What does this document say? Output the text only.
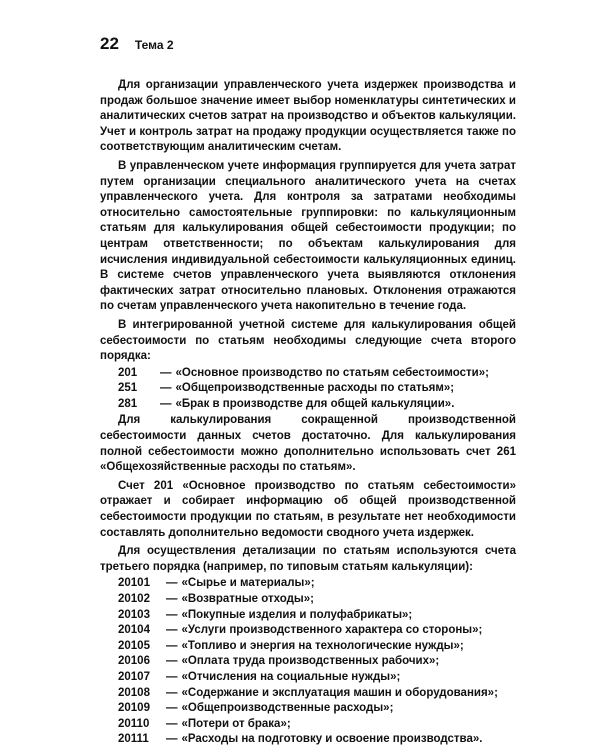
22 Тема 2

Для организации управленческого учета издержек производства и продаж большое значение имеет выбор номенклатуры синтетических и аналитических счетов затрат на производство и объектов калькуляции. Учет и контроль затрат на продажу продукции осуществляется также по соответствующим аналитическим счетам.

В управленческом учете информация группируется для учета затрат путем организации специального аналитического учета на счетах управленческого учета. Для контроля за затратами необходимы относительно самостоятельные группировки: по калькуляционным статьям для калькулирования общей себестоимости продукции; по центрам ответственности; по объектам калькулирования для исчисления индивидуальной себестоимости калькуляционных единиц. В системе счетов управленческого учета выявляются отклонения фактических затрат относительно плановых. Отклонения отражаются по счетам управленческого учета накопительно в течение года.

В интегрированной учетной системе для калькулирования общей себестоимости по статьям необходимы следующие счета второго порядка:

201 — «Основное производство по статьям себестоимости»;
251 — «Общепроизводственные расходы по статьям»;
281 — «Брак в производстве для общей калькуляции».

Для калькулирования сокращенной производственной себестоимости данных счетов достаточно. Для калькулирования полной себестоимости можно дополнительно использовать счет 261 «Общехозяйственные расходы по статьям».

Счет 201 «Основное производство по статьям себестоимости» отражает и собирает информацию об общей производственной себестоимости продукции по статьям, в результате нет необходимости составлять дополнительно ведомости сводного учета издержек.

Для осуществления детализации по статьям используются счета третьего порядка (например, по типовым статьям калькуляции):

20101 — «Сырье и материалы»;
20102 — «Возвратные отходы»;
20103 — «Покупные изделия и полуфабрикаты»;
20104 — «Услуги производственного характера со стороны»;
20105 — «Топливо и энергия на технологические нужды»;
20106 — «Оплата труда производственных рабочих»;
20107 — «Отчисления на социальные нужды»;
20108 — «Содержание и эксплуатация машин и оборудования»;
20109 — «Общепроизводственные расходы»;
20110 — «Потери от брака»;
20111 — «Расходы на подготовку и освоение производства».
